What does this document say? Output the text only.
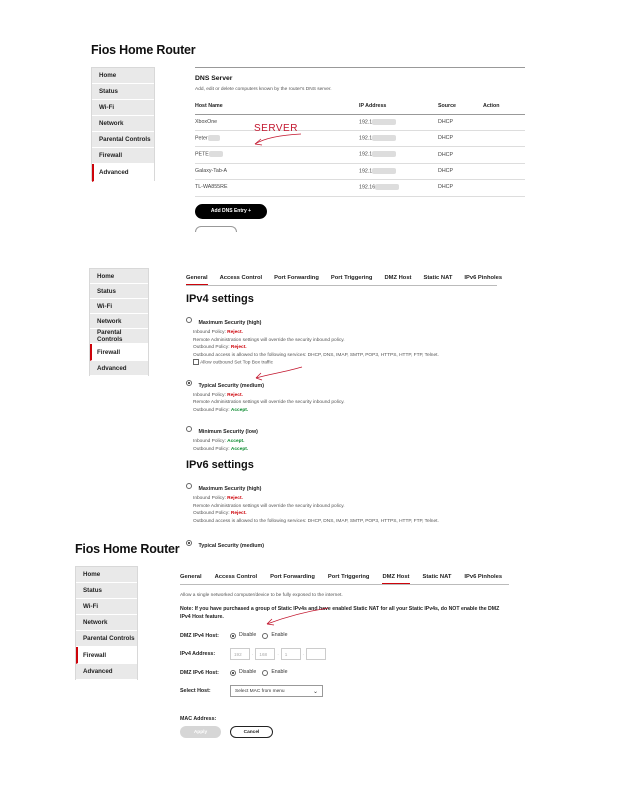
Fios Home Router
Home
Status
Wi-Fi
Network
Parental Controls
Firewall
Advanced
DNS Server
Add, edit or delete computers known by the router's DNS server.
Host Name	IP Address	Source	Action
XboxOne	192.1	DHCP	
Peter	192.1	DHCP	
PETE	192.1	DHCP	
Galaxy-Tab-A	192.1	DHCP	
TL-WA855RE	192.16	DHCP	
Add DNS Entry +
SERVER
Home
Status
Wi-Fi
Network
Parental Controls
Firewall
Advanced
General Access Control Port Forwarding Port Triggering DMZ Host Static NAT IPv6 Pinholes
IPv4 settings
Maximum Security (high)
Inbound Policy: Reject.
Remote Administration settings will override the security inbound policy.
Outbound Policy: Reject.
Outbound access is allowed to the following services: DHCP, DNS, IMAP, SMTP, POP3, HTTPS, HTTP, FTP, Telnet.
Allow outbound Set Top Box traffic
Typical Security (medium)
Inbound Policy: Reject.
Remote Administration settings will override the security inbound policy.
Outbound Policy: Accept.
Minimum Security (low)
Inbound Policy: Accept.
Outbound Policy: Accept.
IPv6 settings
Maximum Security (high)
Inbound Policy: Reject.
Remote Administration settings will override the security inbound policy.
Outbound Policy: Reject.
Outbound access is allowed to the following services: DHCP, DNS, IMAP, SMTP, POP3, HTTPS, HTTP, FTP, Telnet.
Typical Security (medium)
Fios Home Router
Home
Status
Wi-Fi
Network
Parental Controls
Firewall
Advanced
General Access Control Port Forwarding Port Triggering DMZ Host Static NAT IPv6 Pinholes
Allow a single networked computer/device to be fully exposed to the internet.
Note: If you have purchased a group of Static IPv4s and have enabled Static NAT for all your Static IPv4s, do NOT enable the DMZ IPv4 Host feature.
DMZ IPv4 Host:	Disable	Enable
IPv4 Address:	192	.	168	.	1	.
DMZ IPv6 Host:	Disable	Enable
Select Host:	Select MAC from menu	⌄
MAC Address:
Apply	Cancel
